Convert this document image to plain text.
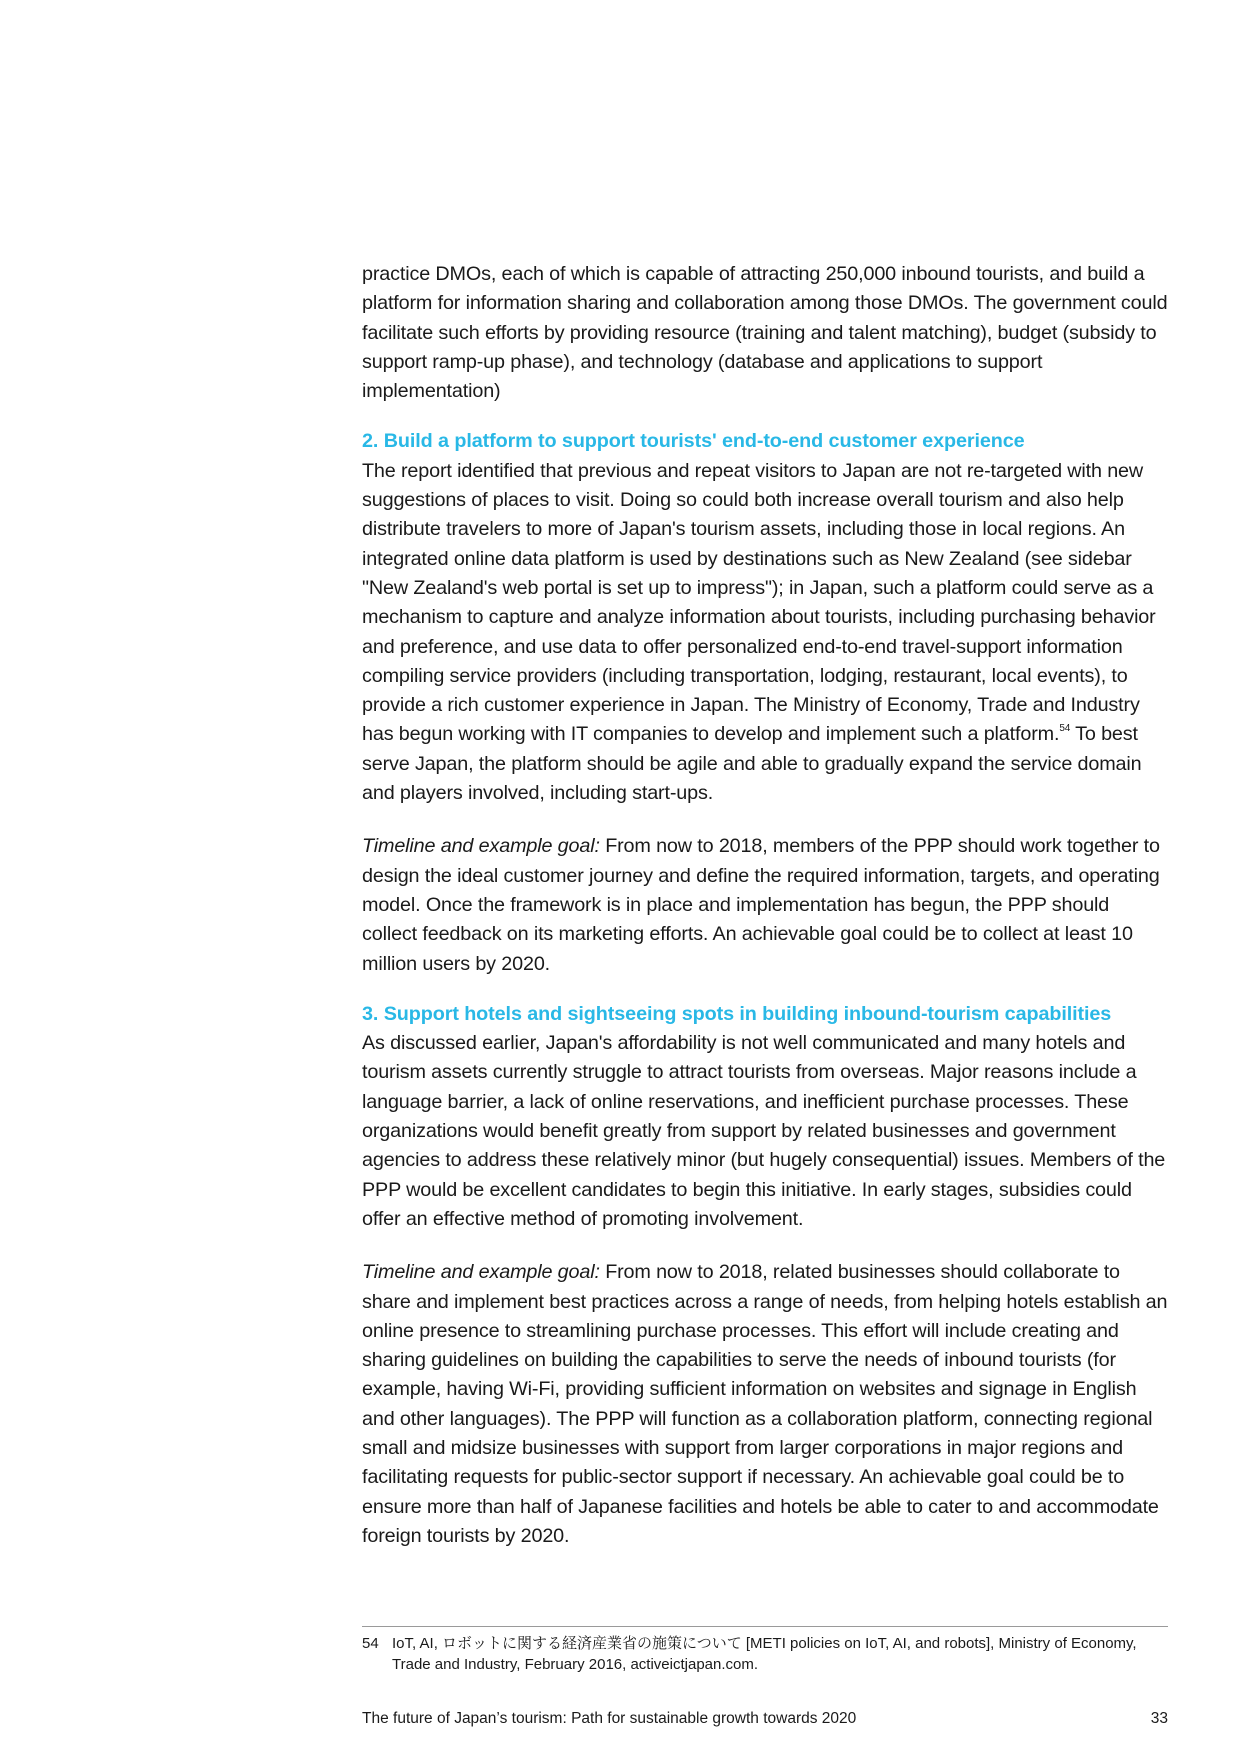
practice DMOs, each of which is capable of attracting 250,000 inbound tourists, and build a platform for information sharing and collaboration among those DMOs. The government could facilitate such efforts by providing resource (training and talent matching), budget (subsidy to support ramp-up phase), and technology (database and applications to support implementation)

2. Build a platform to support tourists' end-to-end customer experience

The report identified that previous and repeat visitors to Japan are not re-targeted with new suggestions of places to visit. Doing so could both increase overall tourism and also help distribute travelers to more of Japan's tourism assets, including those in local regions. An integrated online data platform is used by destinations such as New Zealand (see sidebar "New Zealand's web portal is set up to impress"); in Japan, such a platform could serve as a mechanism to capture and analyze information about tourists, including purchasing behavior and preference, and use data to offer personalized end-to-end travel-support information compiling service providers (including transportation, lodging, restaurant, local events), to provide a rich customer experience in Japan. The Ministry of Economy, Trade and Industry has begun working with IT companies to develop and implement such a platform.$^{54}$ To best serve Japan, the platform should be agile and able to gradually expand the service domain and players involved, including start-ups.

Timeline and example goal: From now to 2018, members of the PPP should work together to design the ideal customer journey and define the required information, targets, and operating model. Once the framework is in place and implementation has begun, the PPP should collect feedback on its marketing efforts. An achievable goal could be to collect at least 10 million users by 2020.

3. Support hotels and sightseeing spots in building inbound-tourism capabilities

As discussed earlier, Japan's affordability is not well communicated and many hotels and tourism assets currently struggle to attract tourists from overseas. Major reasons include a language barrier, a lack of online reservations, and inefficient purchase processes. These organizations would benefit greatly from support by related businesses and government agencies to address these relatively minor (but hugely consequential) issues. Members of the PPP would be excellent candidates to begin this initiative. In early stages, subsidies could offer an effective method of promoting involvement.

Timeline and example goal: From now to 2018, related businesses should collaborate to share and implement best practices across a range of needs, from helping hotels establish an online presence to streamlining purchase processes. This effort will include creating and sharing guidelines on building the capabilities to serve the needs of inbound tourists (for example, having Wi-Fi, providing sufficient information on websites and signage in English and other languages). The PPP will function as a collaboration platform, connecting regional small and midsize businesses with support from larger corporations in major regions and facilitating requests for public-sector support if necessary. An achievable goal could be to ensure more than half of Japanese facilities and hotels be able to cater to and accommodate foreign tourists by 2020.

54 IoT, AI, ロボットに関する経済産業省の施策について [METI policies on IoT, AI, and robots], Ministry of Economy, Trade and Industry, February 2016, activeictjapan.com.
The future of Japan’s tourism: Path for sustainable growth towards 2020	33
